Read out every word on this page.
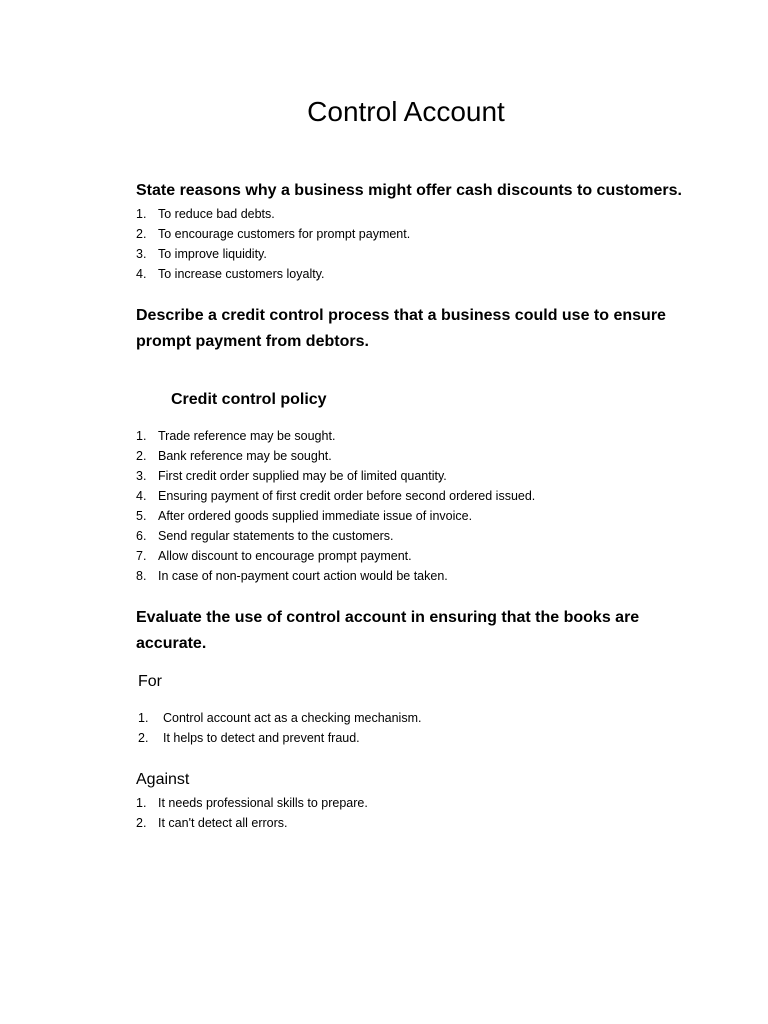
Control Account
State reasons why a business might offer cash discounts to customers.
1. To reduce bad debts.
2. To encourage customers for prompt payment.
3. To improve liquidity.
4. To increase customers loyalty.
Describe a credit control process that a business could use to ensure
prompt payment from debtors.
Credit control policy
1. Trade reference may be sought.
2. Bank reference may be sought.
3. First credit order supplied may be of limited quantity.
4. Ensuring payment of first credit order before second ordered issued.
5. After ordered goods supplied immediate issue of invoice.
6. Send regular statements to the customers.
7. Allow discount to encourage prompt payment.
8. In case of non-payment court action would be taken.
Evaluate the use of control account in ensuring that the books are
accurate.
For
1. Control account act as a checking mechanism.
2. It helps to detect and prevent fraud.
Against
1. It needs professional skills to prepare.
2. It can't detect all errors.
